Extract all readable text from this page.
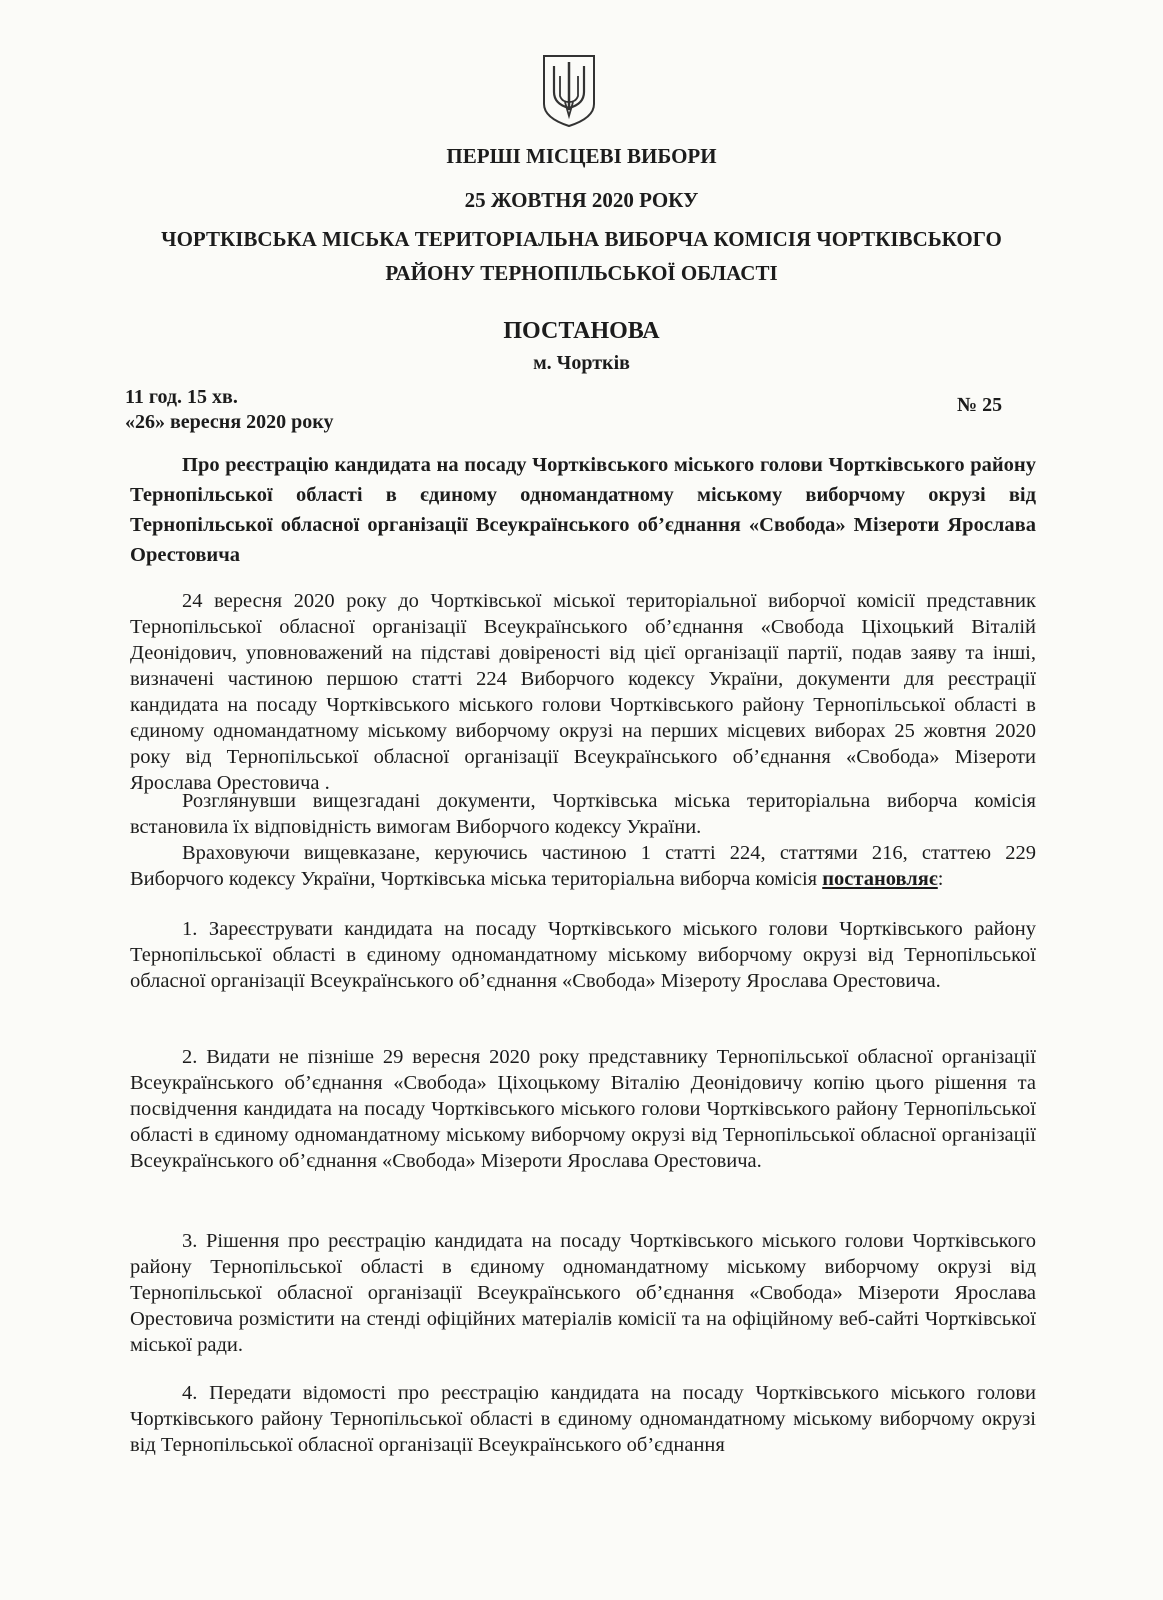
ПЕРШІ МІСЦЕВІ ВИБОРИ
25 ЖОВТНЯ 2020 РОКУ
ЧОРТКІВСЬКА МІСЬКА ТЕРИТОРІАЛЬНА ВИБОРЧА КОМІСІЯ ЧОРТКІВСЬКОГО РАЙОНУ ТЕРНОПІЛЬСЬКОЇ ОБЛАСТІ
ПОСТАНОВА
м. Чортків
11 год. 15 хв.
«26» вересня 2020 року
№ 25
Про реєстрацію кандидата на посаду Чортківського міського голови Чортківського району Тернопільської області в єдиному одномандатному міському виборчому окрузі від Тернопільської обласної організації Всеукраїнського об’єднання «Свобода» Мізероти Ярослава Орестовича
24 вересня 2020 року до Чортківської міської територіальної виборчої комісії представник Тернопільської обласної організації Всеукраїнського об’єднання «Свобода Ціхоцький Віталій Деонідович, уповноважений на підставі довіреності від цієї організації партії, подав заяву та інші, визначені частиною першою статті 224 Виборчого кодексу України, документи для реєстрації кандидата на посаду Чортківського міського голови Чортківського району Тернопільської області в єдиному одномандатному міському виборчому окрузі на перших місцевих виборах 25 жовтня 2020 року від Тернопільської обласної організації Всеукраїнського об’єднання «Свобода» Мізероти Ярослава Орестовича .
Розглянувши вищезгадані документи, Чортківська міська територіальна виборча комісія встановила їх відповідність вимогам Виборчого кодексу України.
Враховуючи вищевказане, керуючись частиною 1 статті 224, статтями 216, статтею 229 Виборчого кодексу України, Чортківська міська територіальна виборча комісія постановляє:
1. Зареєструвати кандидата на посаду Чортківського міського голови Чортківського району Тернопільської області в єдиному одномандатному міському виборчому окрузі від Тернопільської обласної організації Всеукраїнського об’єднання «Свобода» Мізероту Ярослава Орестовича.
2. Видати не пізніше 29 вересня 2020 року представнику Тернопільської обласної організації Всеукраїнського об’єднання «Свобода» Ціхоцькому Віталію Деонідовичу копію цього рішення та посвідчення кандидата на посаду Чортківського міського голови Чортківського району Тернопільської області в єдиному одномандатному міському виборчому окрузі від Тернопільської обласної організації Всеукраїнського об’єднання «Свобода» Мізероти Ярослава Орестовича.
3. Рішення про реєстрацію кандидата на посаду Чортківського міського голови Чортківського району Тернопільської області в єдиному одномандатному міському виборчому окрузі від Тернопільської обласної організації Всеукраїнського об’єднання «Свобода» Мізероти Ярослава Орестовича розмістити на стенді офіційних матеріалів комісії та на офіційному веб-сайті Чортківської міської ради.
4. Передати відомості про реєстрацію кандидата на посаду Чортківського міського голови Чортківського району Тернопільської області в єдиному одномандатному міському виборчому окрузі від Тернопільської обласної організації Всеукраїнського об’єднання
